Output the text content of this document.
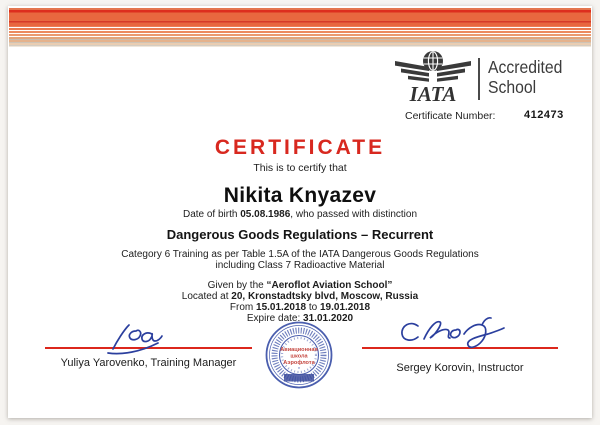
IATA
Accredited
School
Certificate Number:	412473
CERTIFICATE
This is to certify that
Nikita Knyazev
Date of birth 05.08.1986, who passed with distinction
Dangerous Goods Regulations – Recurrent
Category 6 Training as per Table 1.5A of the IATA Dangerous Goods Regulations
including Class 7 Radioactive Material
Given by the “Aeroflot Aviation School”
Located at 20, Kronstadtsky blvd, Moscow, Russia
From 15.01.2018 to 19.01.2018
Expire date: 31.01.2020
Авиационная
школа
Аэрофлота
*
Yuliya Yarovenko, Training Manager	Sergey Korovin, Instructor
